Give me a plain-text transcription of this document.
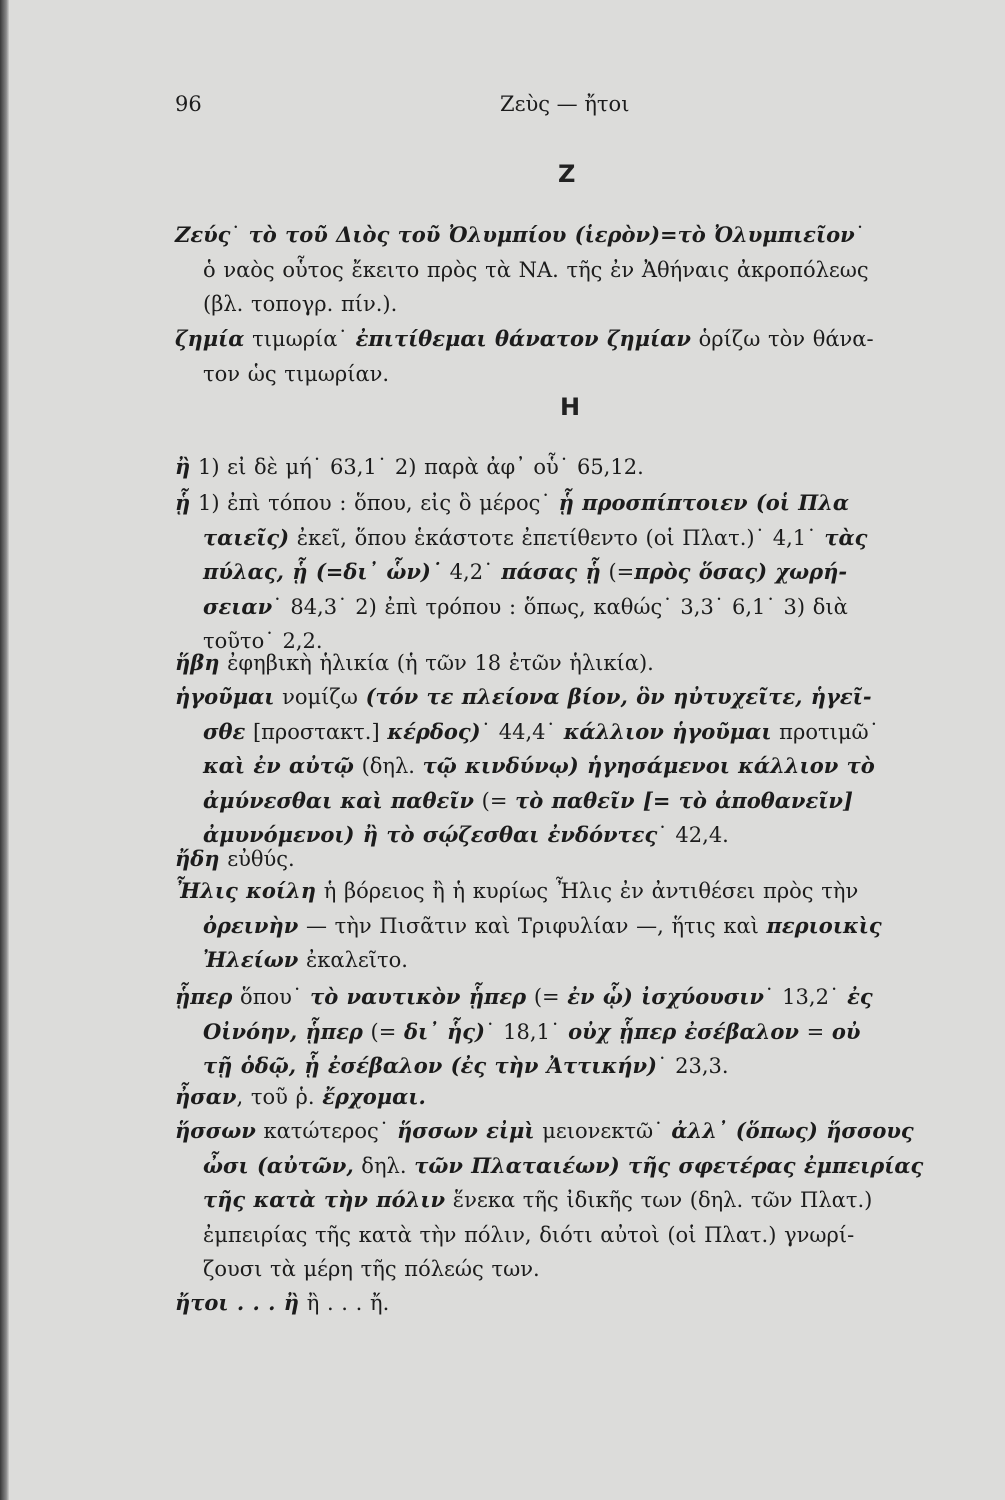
96	Ζεὺς — ἤτοι
Ζ
Ζεύς˙ τὸ τοῦ Διὸς τοῦ Ὀλυμπίου (ἱερὸν)=τὸ Ὀλυμπιεῖον˙
ὁ ναὸς οὗτος ἔκειτο πρὸς τὰ ΝΑ. τῆς ἐν Ἀθήναις ἀκροπόλεως
(βλ. τοπογρ. πίν.).
ζημία τιμωρία˙ ἐπιτίθεμαι θάνατον ζημίαν ὁρίζω τὸν θάνα-
τον ὡς τιμωρίαν.
Η
ἢ 1) εἰ δὲ μή˙ 63,1˙ 2) παρὰ ἀφ᾽ οὗ˙ 65,12.
ᾗ 1) ἐπὶ τόπου : ὅπου, εἰς ὃ μέρος˙ ᾗ προσπίπτοιεν (οἱ Πλα
ταιεῖς) ἐκεῖ, ὅπου ἑκάστοτε ἐπετίθεντο (οἱ Πλατ.)˙ 4,1˙ τὰς
πύλας, ᾗ (=δι᾽ ὧν)˙ 4,2˙ πάσας ᾗ (=πρὸς ὅσας) χωρή-
σειαν˙ 84,3˙ 2) ἐπὶ τρόπου : ὅπως, καθώς˙ 3,3˙ 6,1˙ 3) διὰ
τοῦτο˙ 2,2.
ἥβη ἐφηβικὴ ἡλικία (ἡ τῶν 18 ἐτῶν ἡλικία).
ἡγοῦμαι νομίζω (τόν τε πλείονα βίον, ὃν ηὐτυχεῖτε, ἡγεῖ-
σθε [προστακτ.] κέρδος)˙ 44,4˙ κάλλιον ἡγοῦμαι προτιμῶ˙
καὶ ἐν αὐτῷ (δηλ. τῷ κινδύνῳ) ἡγησάμενοι κάλλιον τὸ
ἀμύνεσθαι καὶ παθεῖν (= τὸ παθεῖν [= τὸ ἀποθανεῖν]
ἀμυνόμενοι) ἢ τὸ σῴζεσθαι ἐνδόντες˙ 42,4.
ἤδη εὐθύς.
Ἦλις κοίλη ἡ βόρειος ἢ ἡ κυρίως Ἦλις ἐν ἀντιθέσει πρὸς τὴν
ὀρεινὴν — τὴν Πισᾶτιν καὶ Τριφυλίαν —, ἥτις καὶ περιοικὶς
Ἠλείων ἐκαλεῖτο.
ᾗπερ ὅπου˙ τὸ ναυτικὸν ᾗπερ (= ἐν ᾧ) ἰσχύουσιν˙ 13,2˙ ἐς
Οἰνόην, ᾗπερ (= δι᾽ ἧς)˙ 18,1˙ οὐχ ᾗπερ ἐσέβαλον = οὐ
τῇ ὁδῷ, ᾗ ἐσέβαλον (ἐς τὴν Ἀττικήν)˙ 23,3.
ἦσαν, τοῦ ῥ. ἔρχομαι.
ἥσσων κατώτερος˙ ἥσσων εἰμὶ μειονεκτῶ˙ ἀλλ᾽ (ὅπως) ἥσσους
ὦσι (αὐτῶν, δηλ. τῶν Πλαταιέων) τῆς σφετέρας ἐμπειρίας
τῆς κατὰ τὴν πόλιν ἕνεκα τῆς ἰδικῆς των (δηλ. τῶν Πλατ.)
ἐμπειρίας τῆς κατὰ τὴν πόλιν, διότι αὐτοὶ (οἱ Πλατ.) γνωρί-
ζουσι τὰ μέρη τῆς πόλεώς των.
ἤτοι . . . ἢ ἢ . . . ἤ.
